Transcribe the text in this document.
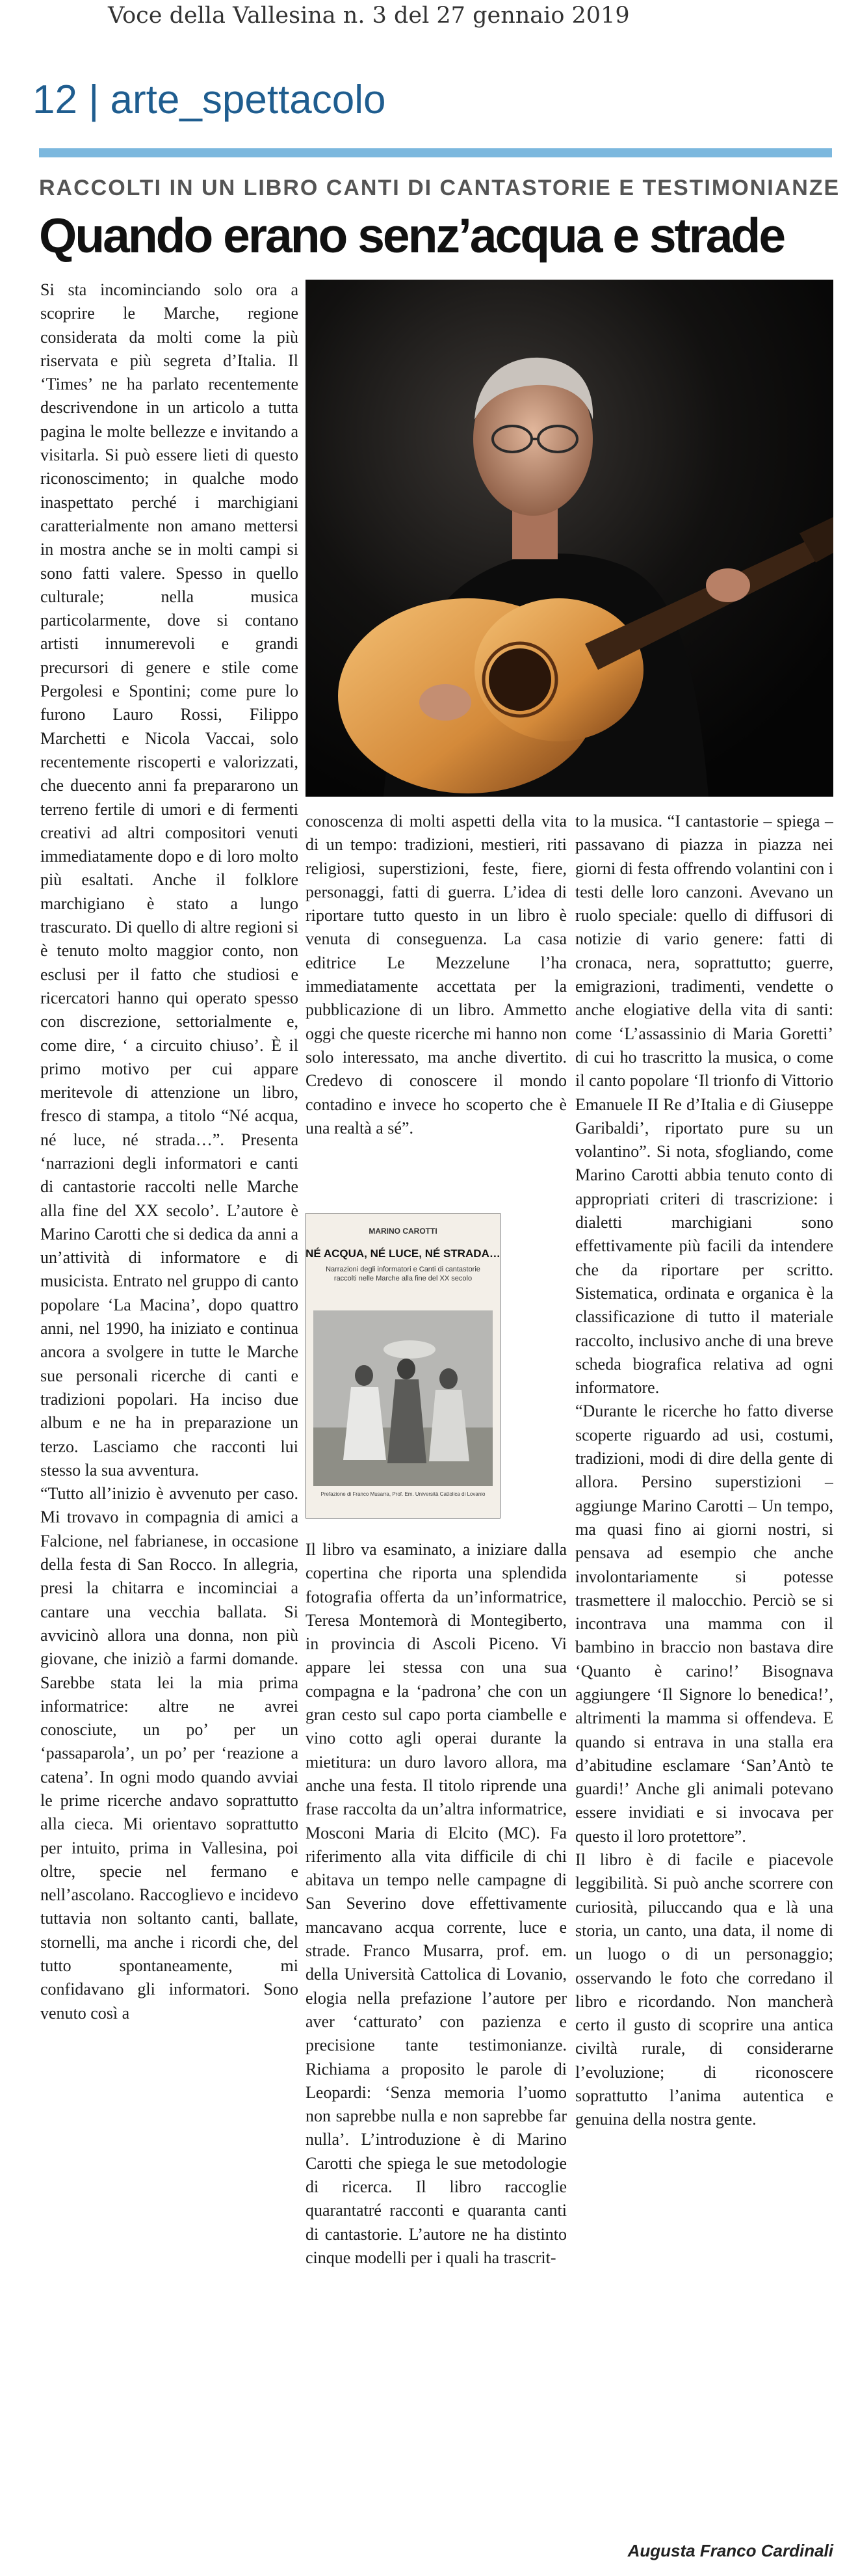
Voce della Vallesina n. 3 del 27 gennaio 2019
12 | arte_spettacolo
RACCOLTI IN UN LIBRO CANTI DI CANTASTORIE E TESTIMONIANZE
Quando erano senz’acqua e strade

Si sta incominciando solo ora a scoprire le Marche, regione considerata da molti come la più riservata e più segreta d’Italia. Il ‘Times’ ne ha parlato recentemente descrivendone in un articolo a tutta pagina le molte bellezze e invitando a visitarla. Si può essere lieti di questo riconoscimento; in qualche modo inaspettato perché i marchigiani caratterialmente non amano mettersi in mostra anche se in molti campi si sono fatti valere. Spesso in quello culturale; nella musica particolarmente, dove si contano artisti innumerevoli e grandi precursori di genere e stile come Pergolesi e Spontini; come pure lo furono Lauro Rossi, Filippo Marchetti e Nicola Vaccai, solo recentemente riscoperti e valorizzati, che duecento anni fa prepararono un terreno fertile di umori e di fermenti creativi ad altri compositori venuti immediatamente dopo e di loro molto più esaltati. Anche il folklore marchigiano è stato a lungo trascurato. Di quello di altre regioni si è tenuto molto maggior conto, non esclusi per il fatto che studiosi e ricercatori hanno qui operato spesso con discrezione, settorialmente e, come dire, ‘ a circuito chiuso’. È il primo motivo per cui appare meritevole di attenzione un libro, fresco di stampa, a titolo “Né acqua, né luce, né strada…”. Presenta ‘narrazioni degli informatori e canti di cantastorie raccolti nelle Marche alla fine del XX secolo’. L’autore è Marino Carotti che si dedica da anni a un’attività di informatore e di musicista. Entrato nel gruppo di canto popolare ‘La Macina’, dopo quattro anni, nel 1990, ha iniziato e continua ancora a svolgere in tutte le Marche sue personali ricerche di canti e tradizioni popolari. Ha inciso due album e ne ha in preparazione un terzo. Lasciamo che racconti lui stesso la sua avventura.

“Tutto all’inizio è avvenuto per caso. Mi trovavo in compagnia di amici a Falcione, nel fabrianese, in occasione della festa di San Rocco. In allegria, presi la chitarra e incominciai a cantare una vecchia ballata. Si avvicinò allora una donna, non più giovane, che iniziò a farmi domande. Sarebbe stata lei la mia prima informatrice: altre ne avrei conosciute, un po’ per un ‘passaparola’, un po’ per ‘reazione a catena’. In ogni modo quando avviai le prime ricerche andavo soprattutto alla cieca. Mi orientavo soprattutto per intuito, prima in Vallesina, poi oltre, specie nel fermano e nell’ascolano. Raccoglievo e incidevo tuttavia non soltanto canti, ballate, stornelli, ma anche i ricordi che, del tutto spontaneamente, mi confidavano gli informatori. Sono venuto così a

conoscenza di molti aspetti della vita di un tempo: tradizioni, mestieri, riti religiosi, superstizioni, feste, fiere, personaggi, fatti di guerra. L’idea di riportare tutto questo in un libro è venuta di conseguenza. La casa editrice Le Mezzelune l’ha immediatamente accettata per la pubblicazione di un libro. Ammetto oggi che queste ricerche mi hanno non solo interessato, ma anche divertito. Credevo di conoscere il mondo contadino e invece ho scoperto che è una realtà a sé”.

MARINO CAROTTI
NÉ ACQUA, NÉ LUCE, NÉ STRADA…
Narrazioni degli informatori e Canti di cantastorie raccolti nelle Marche alla fine del XX secolo
Prefazione di Franco Musarra, Prof. Em. Università Cattolica di Lovanio

Il libro va esaminato, a iniziare dalla copertina che riporta una splendida fotografia offerta da un’informatrice, Teresa Montemorà di Montegiberto, in provincia di Ascoli Piceno. Vi appare lei stessa con una sua compagna e la ‘padrona’ che con un gran cesto sul capo porta ciambelle e vino cotto agli operai durante la mietitura: un duro lavoro allora, ma anche una festa. Il titolo riprende una frase raccolta da un’altra informatrice, Mosconi Maria di Elcito (MC). Fa riferimento alla vita difficile di chi abitava un tempo nelle campagne di San Severino dove effettivamente mancavano acqua corrente, luce e strade. Franco Musarra, prof. em. della Università Cattolica di Lovanio, elogia nella prefazione l’autore per aver ‘catturato’ con pazienza e precisione tante testimonianze. Richiama a proposito le parole di Leopardi: ‘Senza memoria l’uomo non saprebbe nulla e non saprebbe far nulla’. L’introduzione è di Marino Carotti che spiega le sue metodologie di ricerca. Il libro raccoglie quarantatré racconti e quaranta canti di cantastorie. L’autore ne ha distinto cinque modelli per i quali ha trascrit-

to la musica. “I cantastorie – spiega – passavano di piazza in piazza nei giorni di festa offrendo volantini con i testi delle loro canzoni. Avevano un ruolo speciale: quello di diffusori di notizie di vario genere: fatti di cronaca, nera, soprattutto; guerre, emigrazioni, tradimenti, vendette o anche elogiative della vita di santi: come ‘L’assassinio di Maria Goretti’ di cui ho trascritto la musica, o come il canto popolare ‘Il trionfo di Vittorio Emanuele II Re d’Italia e di Giuseppe Garibaldi’, riportato pure su un volantino”. Si nota, sfogliando, come Marino Carotti abbia tenuto conto di appropriati criteri di trascrizione: i dialetti marchigiani sono effettivamente più facili da intendere che da riportare per scritto. Sistematica, ordinata e organica è la classificazione di tutto il materiale raccolto, inclusivo anche di una breve scheda biografica relativa ad ogni informatore.

“Durante le ricerche ho fatto diverse scoperte riguardo ad usi, costumi, tradizioni, modi di dire della gente di allora. Persino superstizioni – aggiunge Marino Carotti – Un tempo, ma quasi fino ai giorni nostri, si pensava ad esempio che anche involontariamente si potesse trasmettere il malocchio. Perciò se si incontrava una mamma con il bambino in braccio non bastava dire ‘Quanto è carino!’ Bisognava aggiungere ‘Il Signore lo benedica!’, altrimenti la mamma si offendeva. E quando si entrava in una stalla era d’abitudine esclamare ‘San’Antò te guardi!’ Anche gli animali potevano essere invidiati e si invocava per questo il loro protettore”.

Il libro è di facile e piacevole leggibilità. Si può anche scorrere con curiosità, piluccando qua e là una storia, un canto, una data, il nome di un luogo o di un personaggio; osservando le foto che corredano il libro e ricordando. Non mancherà certo il gusto di scoprire una antica civiltà rurale, di considerarne l’evoluzione; di riconoscere soprattutto l’anima autentica e genuina della nostra gente.

Augusta Franco Cardinali
